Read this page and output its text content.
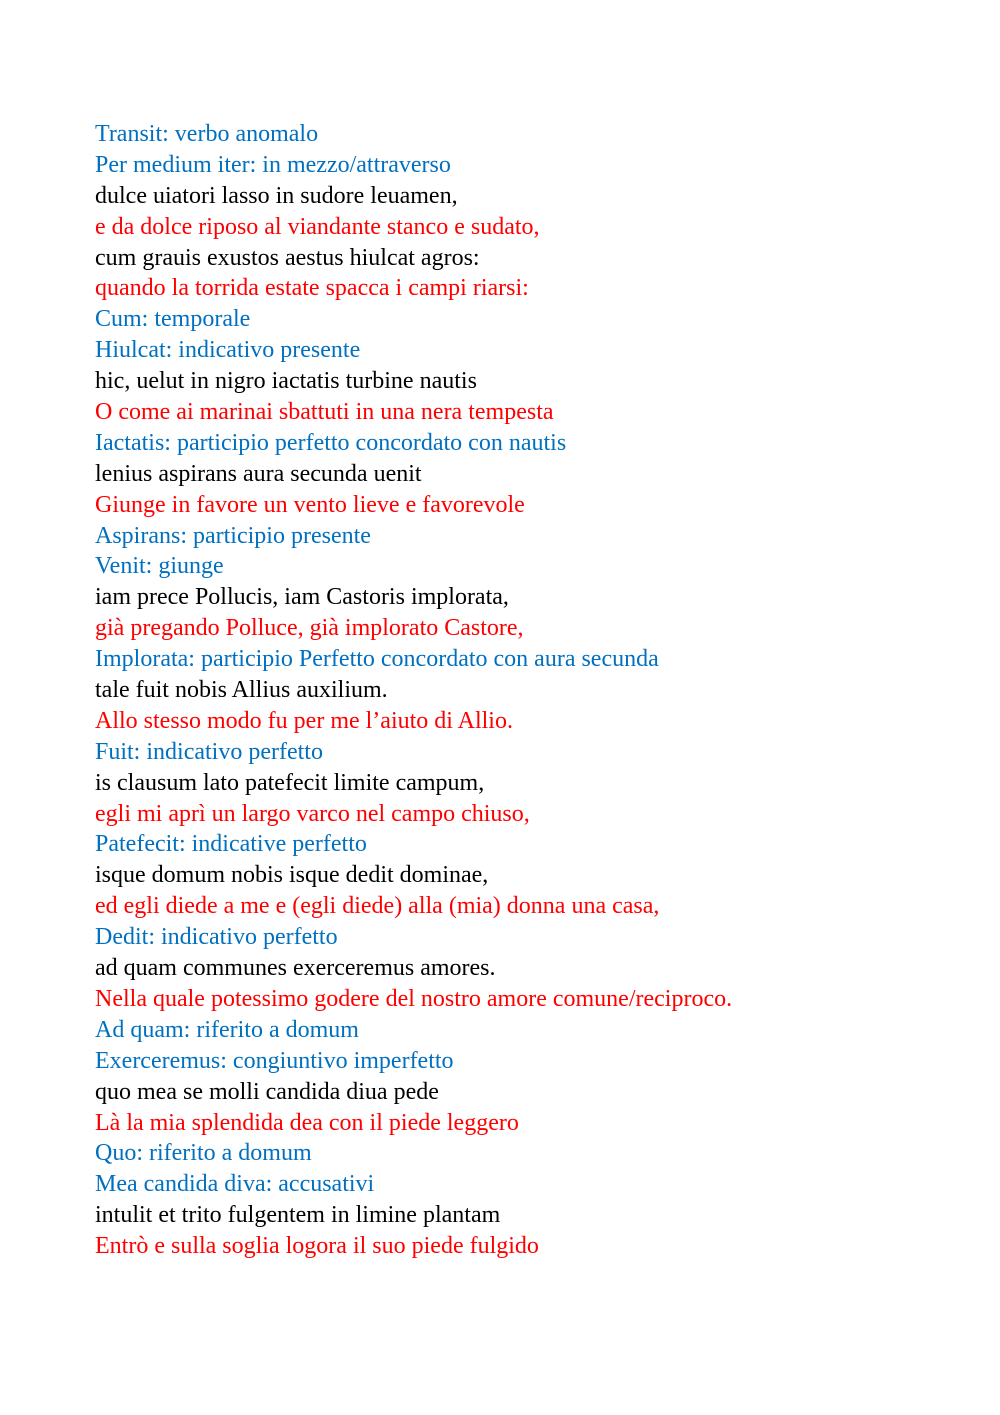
Transit: verbo anomalo
Per medium iter: in mezzo/attraverso
dulce uiatori lasso in sudore leuamen,
e da dolce riposo al viandante stanco e sudato,
cum grauis exustos aestus hiulcat agros:
quando la torrida estate spacca i campi riarsi:
Cum: temporale
Hiulcat: indicativo presente
hic, uelut in nigro iactatis turbine nautis
O come ai marinai sbattuti in una nera tempesta
Iactatis: participio perfetto concordato con nautis
lenius aspirans aura secunda uenit
Giunge in favore un vento lieve e favorevole
Aspirans: participio presente
Venit: giunge
iam prece Pollucis, iam Castoris implorata,
già pregando Polluce, già implorato Castore,
Implorata: participio Perfetto concordato con aura secunda
tale fuit nobis Allius auxilium.
Allo stesso modo fu per me l’aiuto di Allio.
Fuit: indicativo perfetto
is clausum lato patefecit limite campum,
egli mi aprì un largo varco nel campo chiuso,
Patefecit: indicative perfetto
isque domum nobis isque dedit dominae,
ed egli diede a me e (egli diede) alla (mia) donna una casa,
Dedit: indicativo perfetto
ad quam communes exerceremus amores.
Nella quale potessimo godere del nostro amore comune/reciproco.
Ad quam: riferito a domum
Exerceremus: congiuntivo imperfetto
quo mea se molli candida diua pede
Là la mia splendida dea con il piede leggero
Quo: riferito a domum
Mea candida diva: accusativi
intulit et trito fulgentem in limine plantam
Entrò e sulla soglia logora il suo piede fulgido
